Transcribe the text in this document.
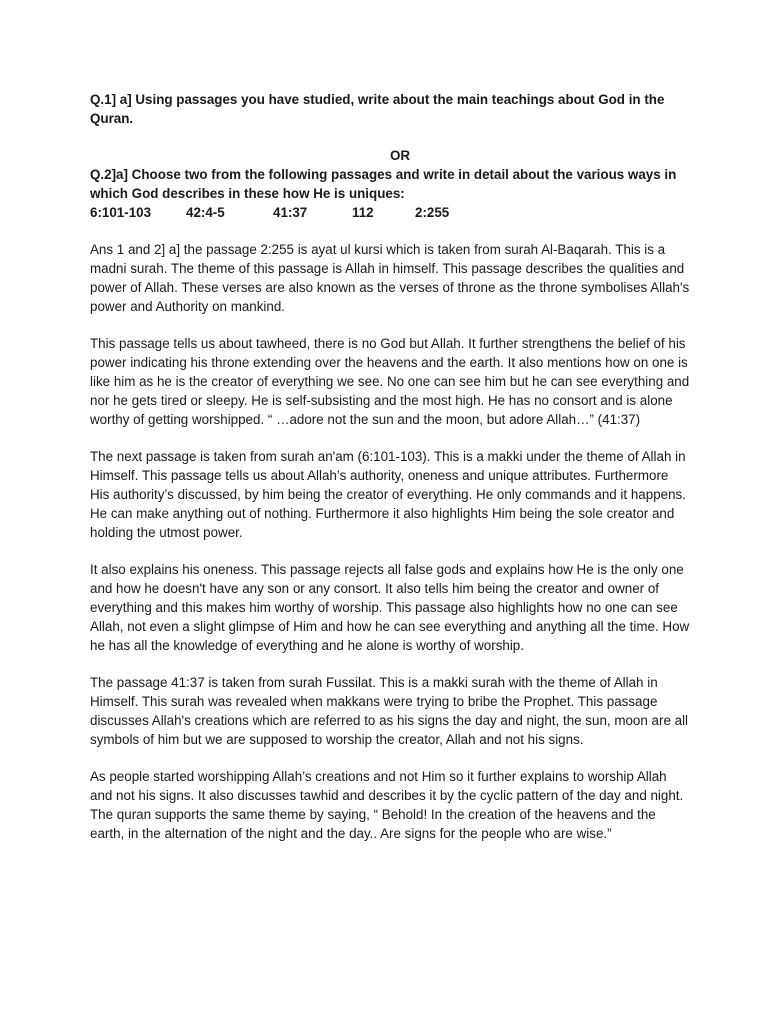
Q.1] a] Using passages you have studied, write about the main teachings about God in the Quran.

OR

Q.2]a] Choose two from the following passages and write in detail about the various ways in which God describes in these how He is uniques:

6:101-103	42:4-5	41:37	112	2:255

Ans 1 and 2] a] the passage 2:255 is ayat ul kursi which is taken from surah Al-Baqarah. This is a madni surah. The theme of this passage is Allah in himself. This passage describes the qualities and power of Allah. These verses are also known as the verses of throne as the throne symbolises Allah's power and Authority on mankind.

This passage tells us about tawheed, there is no God but Allah. It further strengthens the belief of his power indicating his throne extending over the heavens and the earth. It also mentions how on one is like him as he is the creator of everything we see. No one can see him but he can see everything and nor he gets tired or sleepy. He is self-subsisting and the most high. He has no consort and is alone worthy of getting worshipped. “ …adore not the sun and the moon, but adore Allah…” (41:37)

The next passage is taken from surah an'am (6:101-103). This is a makki under the theme of Allah in Himself. This passage tells us about Allah’s authority, oneness and unique attributes. Furthermore His authority’s discussed, by him being the creator of everything. He only commands and it happens. He can make anything out of nothing. Furthermore it also highlights Him being the sole creator and holding the utmost power.

It also explains his oneness. This passage rejects all false gods and explains how He is the only one and how he doesn't have any son or any consort. It also tells him being the creator and owner of everything and this makes him worthy of worship. This passage also highlights how no one can see Allah, not even a slight glimpse of Him and how he can see everything and anything all the time. How he has all the knowledge of everything and he alone is worthy of worship.

The passage 41:37 is taken from surah Fussilat. This is a makki surah with the theme of Allah in Himself. This surah was revealed when makkans were trying to bribe the Prophet. This passage discusses Allah's creations which are referred to as his signs the day and night, the sun, moon are all symbols of him but we are supposed to worship the creator, Allah and not his signs.

As people started worshipping Allah’s creations and not Him so it further explains to worship Allah and not his signs. It also discusses tawhid and describes it by the cyclic pattern of the day and night. The quran supports the same theme by saying, “ Behold! In the creation of the heavens and the earth, in the alternation of the night and the day.. Are signs for the people who are wise.”
